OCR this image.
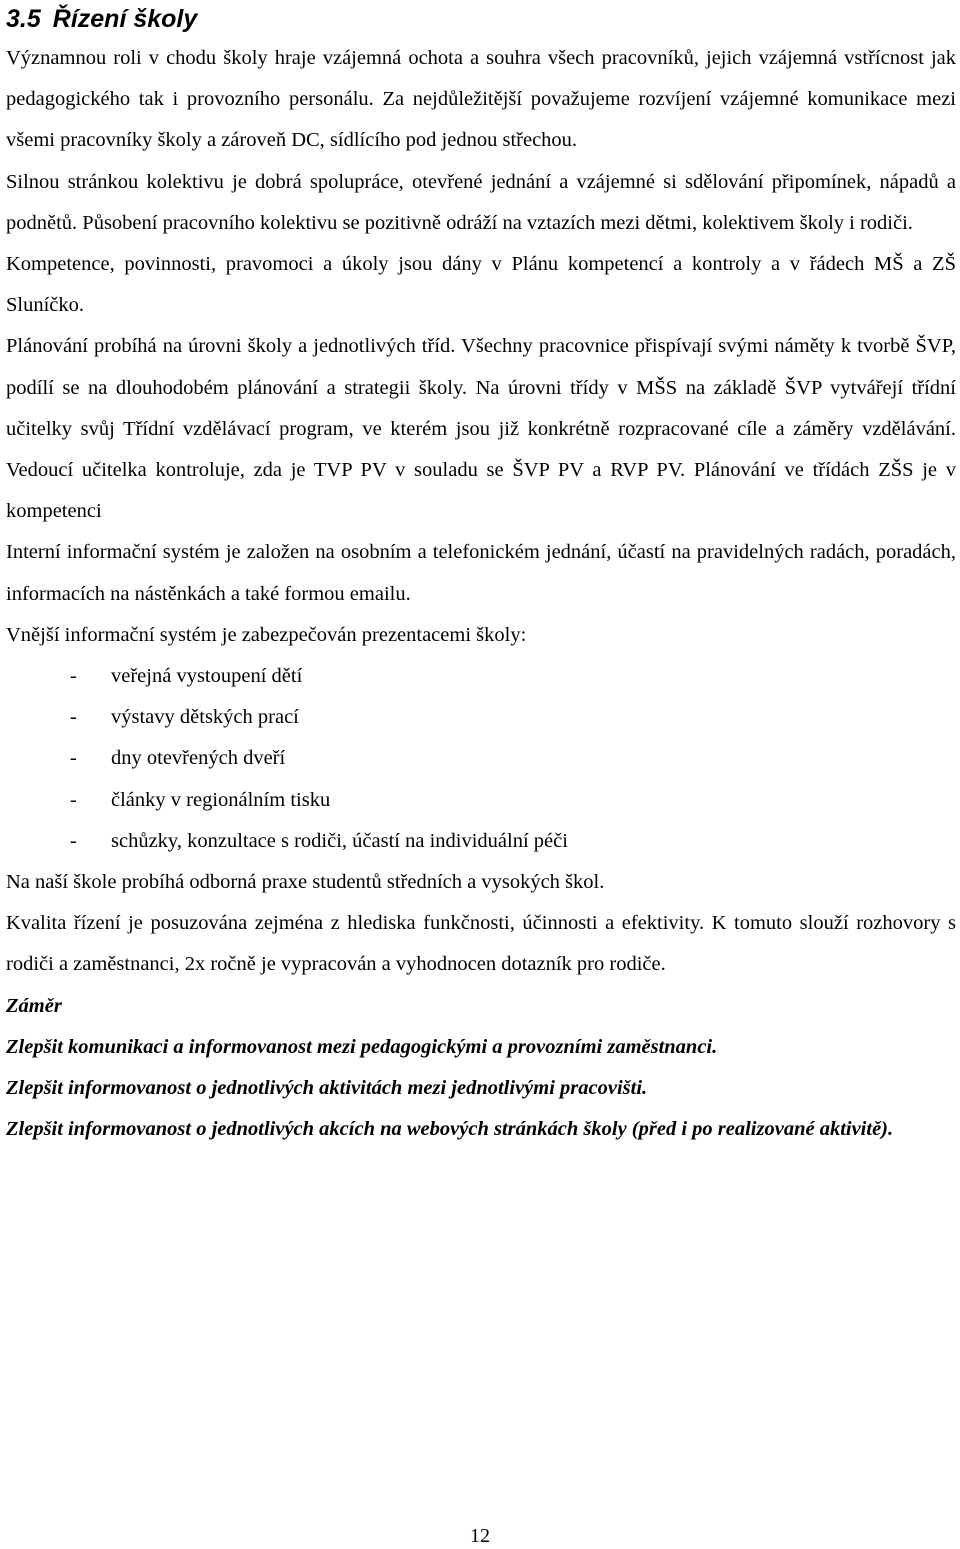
3.5 Řízení školy

Významnou roli v chodu školy hraje vzájemná ochota a souhra všech pracovníků, jejich vzájemná vstřícnost jak pedagogického tak i provozního personálu. Za nejdůležitější považujeme rozvíjení vzájemné komunikace mezi všemi pracovníky školy a zároveň DC, sídlícího pod jednou střechou.

Silnou stránkou kolektivu je dobrá spolupráce, otevřené jednání a vzájemné si sdělování připomínek, nápadů a podnětů. Působení pracovního kolektivu se pozitivně odráží na vztazích mezi dětmi, kolektivem školy i rodiči.

Kompetence, povinnosti, pravomoci a úkoly jsou dány v Plánu kompetencí a kontroly a v řádech MŠ a ZŠ Sluníčko.

Plánování probíhá na úrovni školy a jednotlivých tříd. Všechny pracovnice přispívají svými náměty k tvorbě ŠVP, podílí se na dlouhodobém plánování a strategii školy. Na úrovni třídy v MŠS na základě ŠVP vytvářejí třídní učitelky svůj Třídní vzdělávací program, ve kterém jsou již konkrétně rozpracované cíle a záměry vzdělávání. Vedoucí učitelka kontroluje, zda je TVP PV v souladu se ŠVP PV a RVP PV. Plánování ve třídách ZŠS je v kompetenci

Interní informační systém je založen na osobním a telefonickém jednání, účastí na pravidelných radách, poradách, informacích na nástěnkách a také formou emailu.

Vnější informační systém je zabezpečován prezentacemi školy:

- veřejná vystoupení dětí
- výstavy dětských prací
- dny otevřených dveří
- články v regionálním tisku
- schůzky, konzultace s rodiči, účastí na individuální péči

Na naší škole probíhá odborná praxe studentů středních a vysokých škol.

Kvalita řízení je posuzována zejména z hlediska funkčnosti, účinnosti a efektivity. K tomuto slouží rozhovory s rodiči a zaměstnanci, 2x ročně je vypracován a vyhodnocen dotazník pro rodiče.

Záměr

Zlepšit komunikaci a informovanost mezi pedagogickými a provozními zaměstnanci.

Zlepšit informovanost o jednotlivých aktivitách mezi jednotlivými pracovišti.

Zlepšit informovanost o jednotlivých akcích na webových stránkách školy (před i po realizované aktivitě).

12
